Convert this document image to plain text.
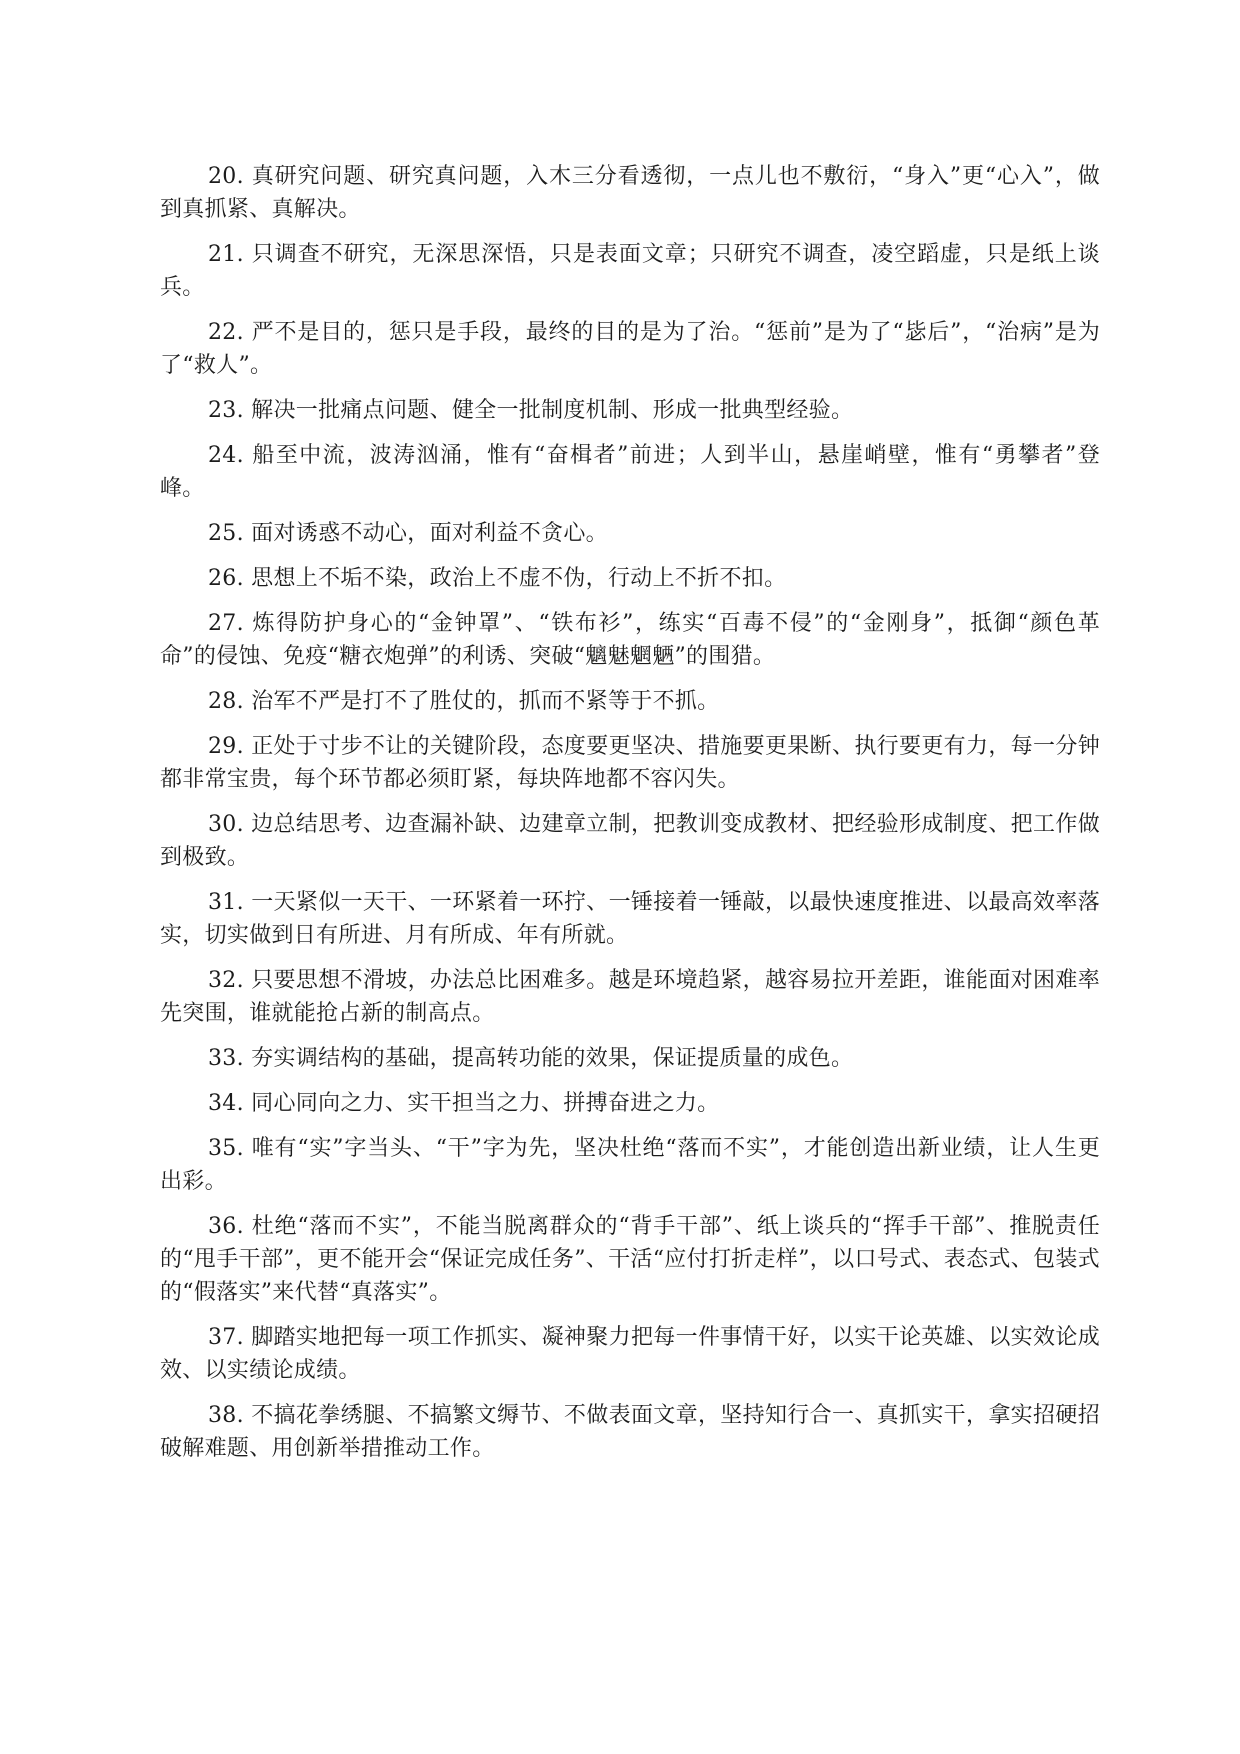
20. 真研究问题、研究真问题，入木三分看透彻，一点儿也不敷衍，“身入”更“心入”，做到真抓紧、真解决。

21. 只调查不研究，无深思深悟，只是表面文章；只研究不调查，凌空蹈虚，只是纸上谈兵。

22. 严不是目的，惩只是手段，最终的目的是为了治。“惩前”是为了“毖后”，“治病”是为了“救人”。

23. 解决一批痛点问题、健全一批制度机制、形成一批典型经验。

24. 船至中流，波涛汹涌，惟有“奋楫者”前进；人到半山，悬崖峭壁，惟有“勇攀者”登峰。

25. 面对诱惑不动心，面对利益不贪心。

26. 思想上不垢不染，政治上不虚不伪，行动上不折不扣。

27. 炼得防护身心的“金钟罩”、“铁布衫”，练实“百毒不侵”的“金刚身”，抵御“颜色革命”的侵蚀、免疫“糖衣炮弹”的利诱、突破“魑魅魍魉”的围猎。

28. 治军不严是打不了胜仗的，抓而不紧等于不抓。

29. 正处于寸步不让的关键阶段，态度要更坚决、措施要更果断、执行要更有力，每一分钟都非常宝贵，每个环节都必须盯紧，每块阵地都不容闪失。

30. 边总结思考、边查漏补缺、边建章立制，把教训变成教材、把经验形成制度、把工作做到极致。

31. 一天紧似一天干、一环紧着一环拧、一锤接着一锤敲，以最快速度推进、以最高效率落实，切实做到日有所进、月有所成、年有所就。

32. 只要思想不滑坡，办法总比困难多。越是环境趋紧，越容易拉开差距，谁能面对困难率先突围，谁就能抢占新的制高点。

33. 夯实调结构的基础，提高转功能的效果，保证提质量的成色。

34. 同心同向之力、实干担当之力、拼搏奋进之力。

35. 唯有“实”字当头、“干”字为先，坚决杜绝“落而不实”，才能创造出新业绩，让人生更出彩。

36. 杜绝“落而不实”，不能当脱离群众的“背手干部”、纸上谈兵的“挥手干部”、推脱责任的“甩手干部”，更不能开会“保证完成任务”、干活“应付打折走样”，以口号式、表态式、包装式的“假落实”来代替“真落实”。

37. 脚踏实地把每一项工作抓实、凝神聚力把每一件事情干好，以实干论英雄、以实效论成效、以实绩论成绩。

38. 不搞花拳绣腿、不搞繁文缛节、不做表面文章，坚持知行合一、真抓实干，拿实招硬招破解难题、用创新举措推动工作。
